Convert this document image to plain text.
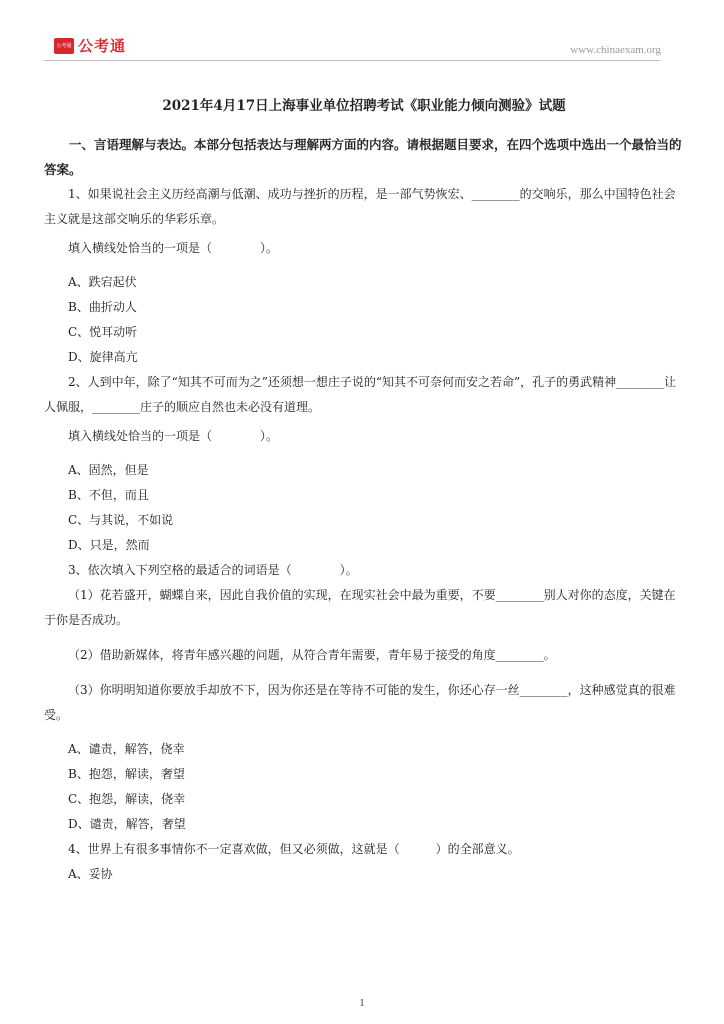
公考通 公考通	www.chinaexam.org

2021年4月17日上海事业单位招聘考试《职业能力倾向测验》试题

一、言语理解与表达。本部分包括表达与理解两方面的内容。请根据题目要求，在四个选项中选出一个最恰当的答案。

1、如果说社会主义历经高潮与低潮、成功与挫折的历程，是一部气势恢宏、________的交响乐，那么中国特色社会主义就是这部交响乐的华彩乐章。

填入横线处恰当的一项是（　　　　）。

A、跌宕起伏

B、曲折动人

C、悦耳动听

D、旋律高亢

2、人到中年，除了“知其不可而为之”还须想一想庄子说的“知其不可奈何而安之若命”，孔子的勇武精神________让人佩服，________庄子的顺应自然也未必没有道理。

填入横线处恰当的一项是（　　　　）。

A、固然，但是

B、不但，而且

C、与其说，不如说

D、只是，然而

3、依次填入下列空格的最适合的词语是（　　　　）。

（1）花若盛开，蝴蝶自来，因此自我价值的实现，在现实社会中最为重要，不要________别人对你的态度，关键在于你是否成功。

（2）借助新媒体，将青年感兴趣的问题，从符合青年需要，青年易于接受的角度________。

（3）你明明知道你要放手却放不下，因为你还是在等待不可能的发生，你还心存一丝________，这种感觉真的很难受。

A、谴责，解答，侥幸

B、抱怨，解读，奢望

C、抱怨，解读，侥幸

D、谴责，解答，奢望

4、世界上有很多事情你不一定喜欢做，但又必须做，这就是（　　　）的全部意义。

A、妥协

1
